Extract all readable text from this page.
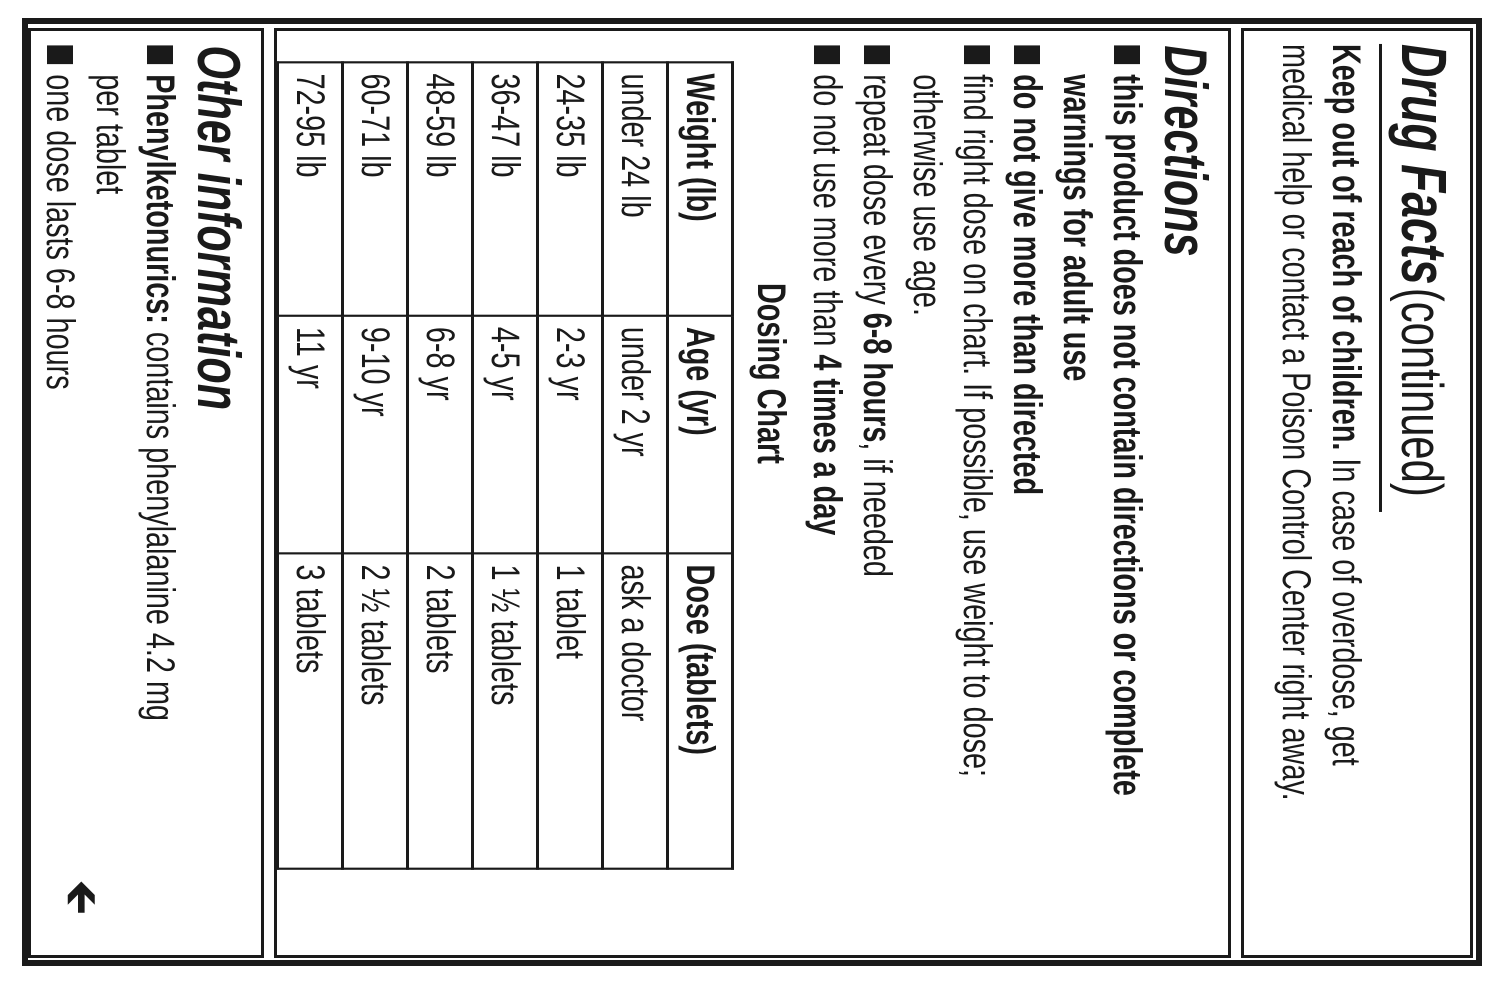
Drug Facts (continued)
Keep out of reach of children. In case of overdose, get
medical help or contact a Poison Control Center right away.
Directions
this product does not contain directions or complete
warnings for adult use
do not give more than directed
find right dose on chart. If possible, use weight to dose;
otherwise use age.
repeat dose every 6-8 hours, if needed
do not use more than 4 times a day
Dosing Chart
Weight (lb)	Age (yr)	Dose (tablets)
under 24 lb	under 2 yr	ask a doctor
24-35 lb	2-3 yr	1 tablet
36-47 lb	4-5 yr	1 ½ tablets
48-59 lb	6-8 yr	2 tablets
60-71 lb	9-10 yr	2 ½ tablets
72-95 lb	11 yr	3 tablets
Other information
Phenylketonurics: contains phenylalanine 4.2 mg
per tablet
one dose lasts 6-8 hours
🡸
